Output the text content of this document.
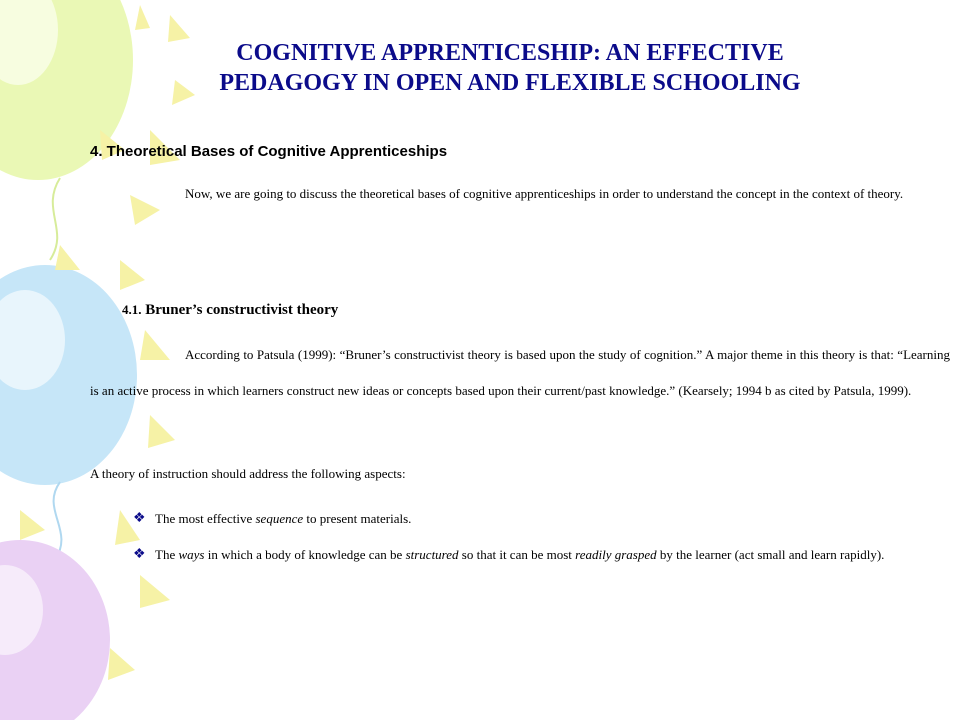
COGNITIVE APPRENTICESHIP: AN EFFECTIVE
PEDAGOGY IN OPEN AND FLEXIBLE SCHOOLING
4. Theoretical Bases of Cognitive Apprenticeships
Now, we are going to discuss the theoretical bases of cognitive apprenticeships in order to understand the concept in the context of theory.
4.1. Bruner’s constructivist theory
According to Patsula (1999): “Bruner’s constructivist theory is based upon the study of cognition.” A major theme in this theory is that: “Learning is an active process in which learners construct new ideas or concepts based upon their current/past knowledge.” (Kearsely; 1994 b as cited by Patsula, 1999).
A theory of instruction should address the following aspects:
❖ The most effective sequence to present materials.
❖ The ways in which a body of knowledge can be structured so that it can be most readily grasped by the learner (act small and learn rapidly).
